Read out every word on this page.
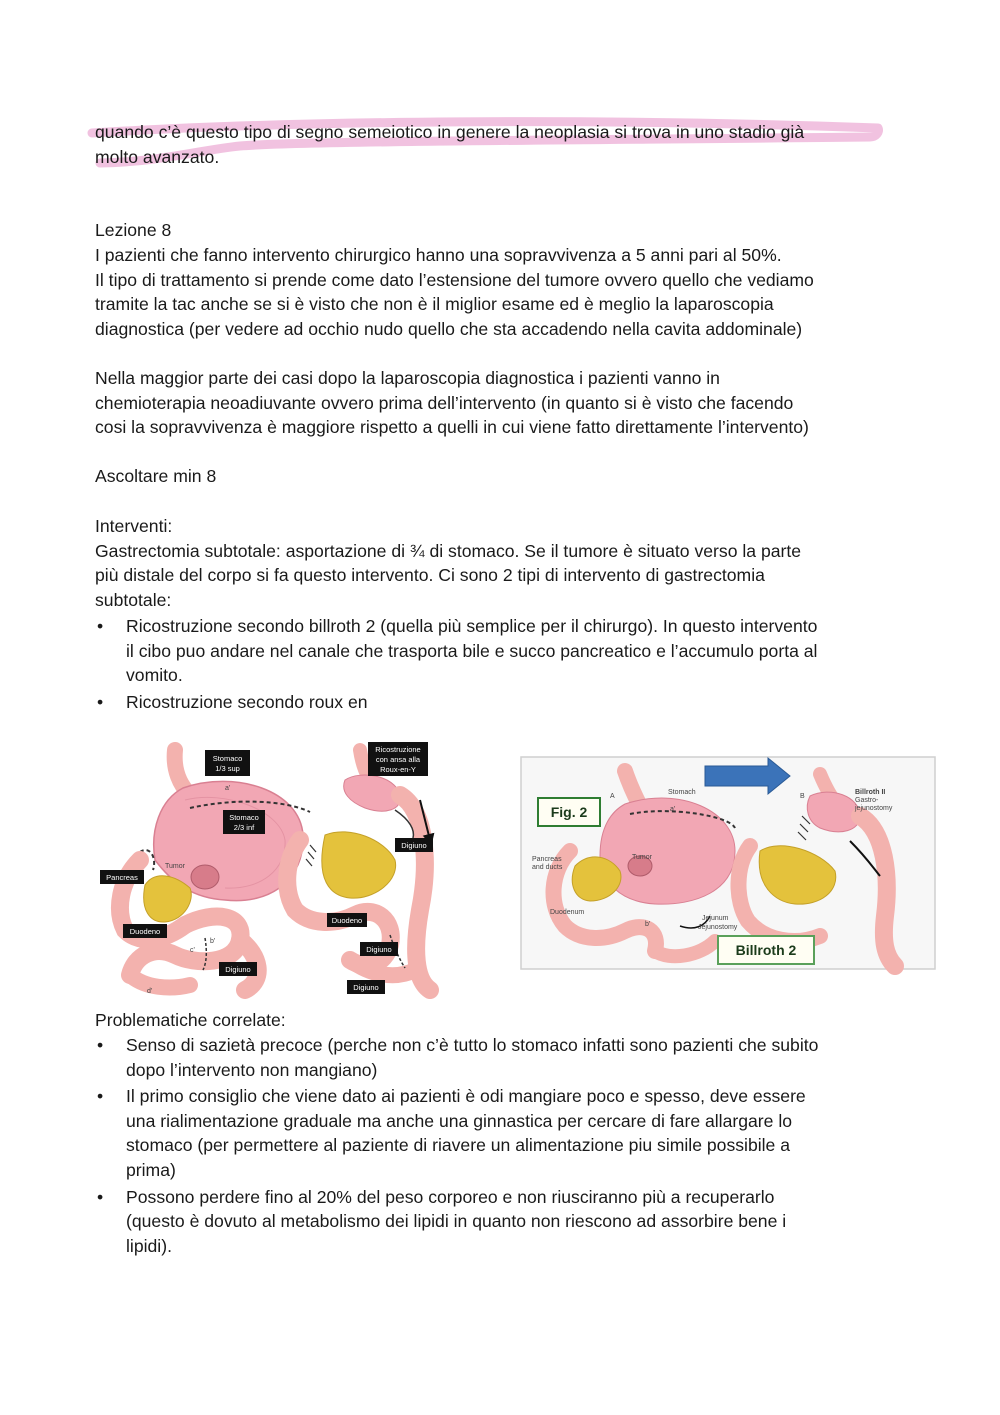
quando c’è questo tipo di segno semeiotico in genere la neoplasia si trova in uno stadio già
molto avanzato.

Lezione 8

I pazienti che fanno intervento chirurgico hanno una sopravvivenza a 5 anni pari al 50%.
Il tipo di trattamento si prende come dato l’estensione del tumore ovvero quello che vediamo
tramite la tac anche se si è visto che non è il miglior esame ed è meglio la laparoscopia
diagnostica (per vedere ad occhio nudo quello che sta accadendo nella cavita addominale)

Nella maggior parte dei casi dopo la laparoscopia diagnostica i pazienti vanno in
chemioterapia neoadiuvante ovvero prima dell’intervento (in quanto si è visto che facendo
cosi la sopravvivenza è maggiore rispetto a quelli in cui viene fatto direttamente l’intervento)

Ascoltare min 8

Interventi:
Gastrectomia subtotale: asportazione di ¾ di stomaco. Se il tumore è situato verso la parte
più distale del corpo si fa questo intervento. Ci sono 2 tipi di intervento di gastrectomia
subtotale:

•	Ricostruzione secondo billroth 2 (quella più semplice per il chirurgo). In questo intervento
il cibo puo andare nel canale che trasporta bile e succo pancreatico e l’accumulo porta al
vomito.
•	Ricostruzione secondo roux en
Stomaco
1/3 sup
Stomaco
2/3 inf
Ricostruzione
con ansa alla
Roux-en-Y
Tumor
Pancreas
Duodeno
Digiuno
Digiuno
Duodeno
Digiuno
Digiuno
a'
c'
b'
d'
Fig. 2
A	B
Stomach
Tumor
Pancreas
and ducts
Duodenum
Jejunum
Jejunostomy
Billroth II
Gastro-
jejunostomy
a'
b'
Billroth 2

Problematiche correlate:

•	Senso di sazietà precoce (perche non c’è tutto lo stomaco infatti sono pazienti che subito
dopo l’intervento non mangiano)
•	Il primo consiglio che viene dato ai pazienti è odi mangiare poco e spesso, deve essere
una rialimentazione graduale ma anche una ginnastica per cercare di fare allargare lo
stomaco (per permettere al paziente di riavere un alimentazione piu simile possibile a
prima)
•	Possono perdere fino al 20% del peso corporeo e non riusciranno più a recuperarlo
(questo è dovuto al metabolismo dei lipidi in quanto non riescono ad assorbire bene i
lipidi).
